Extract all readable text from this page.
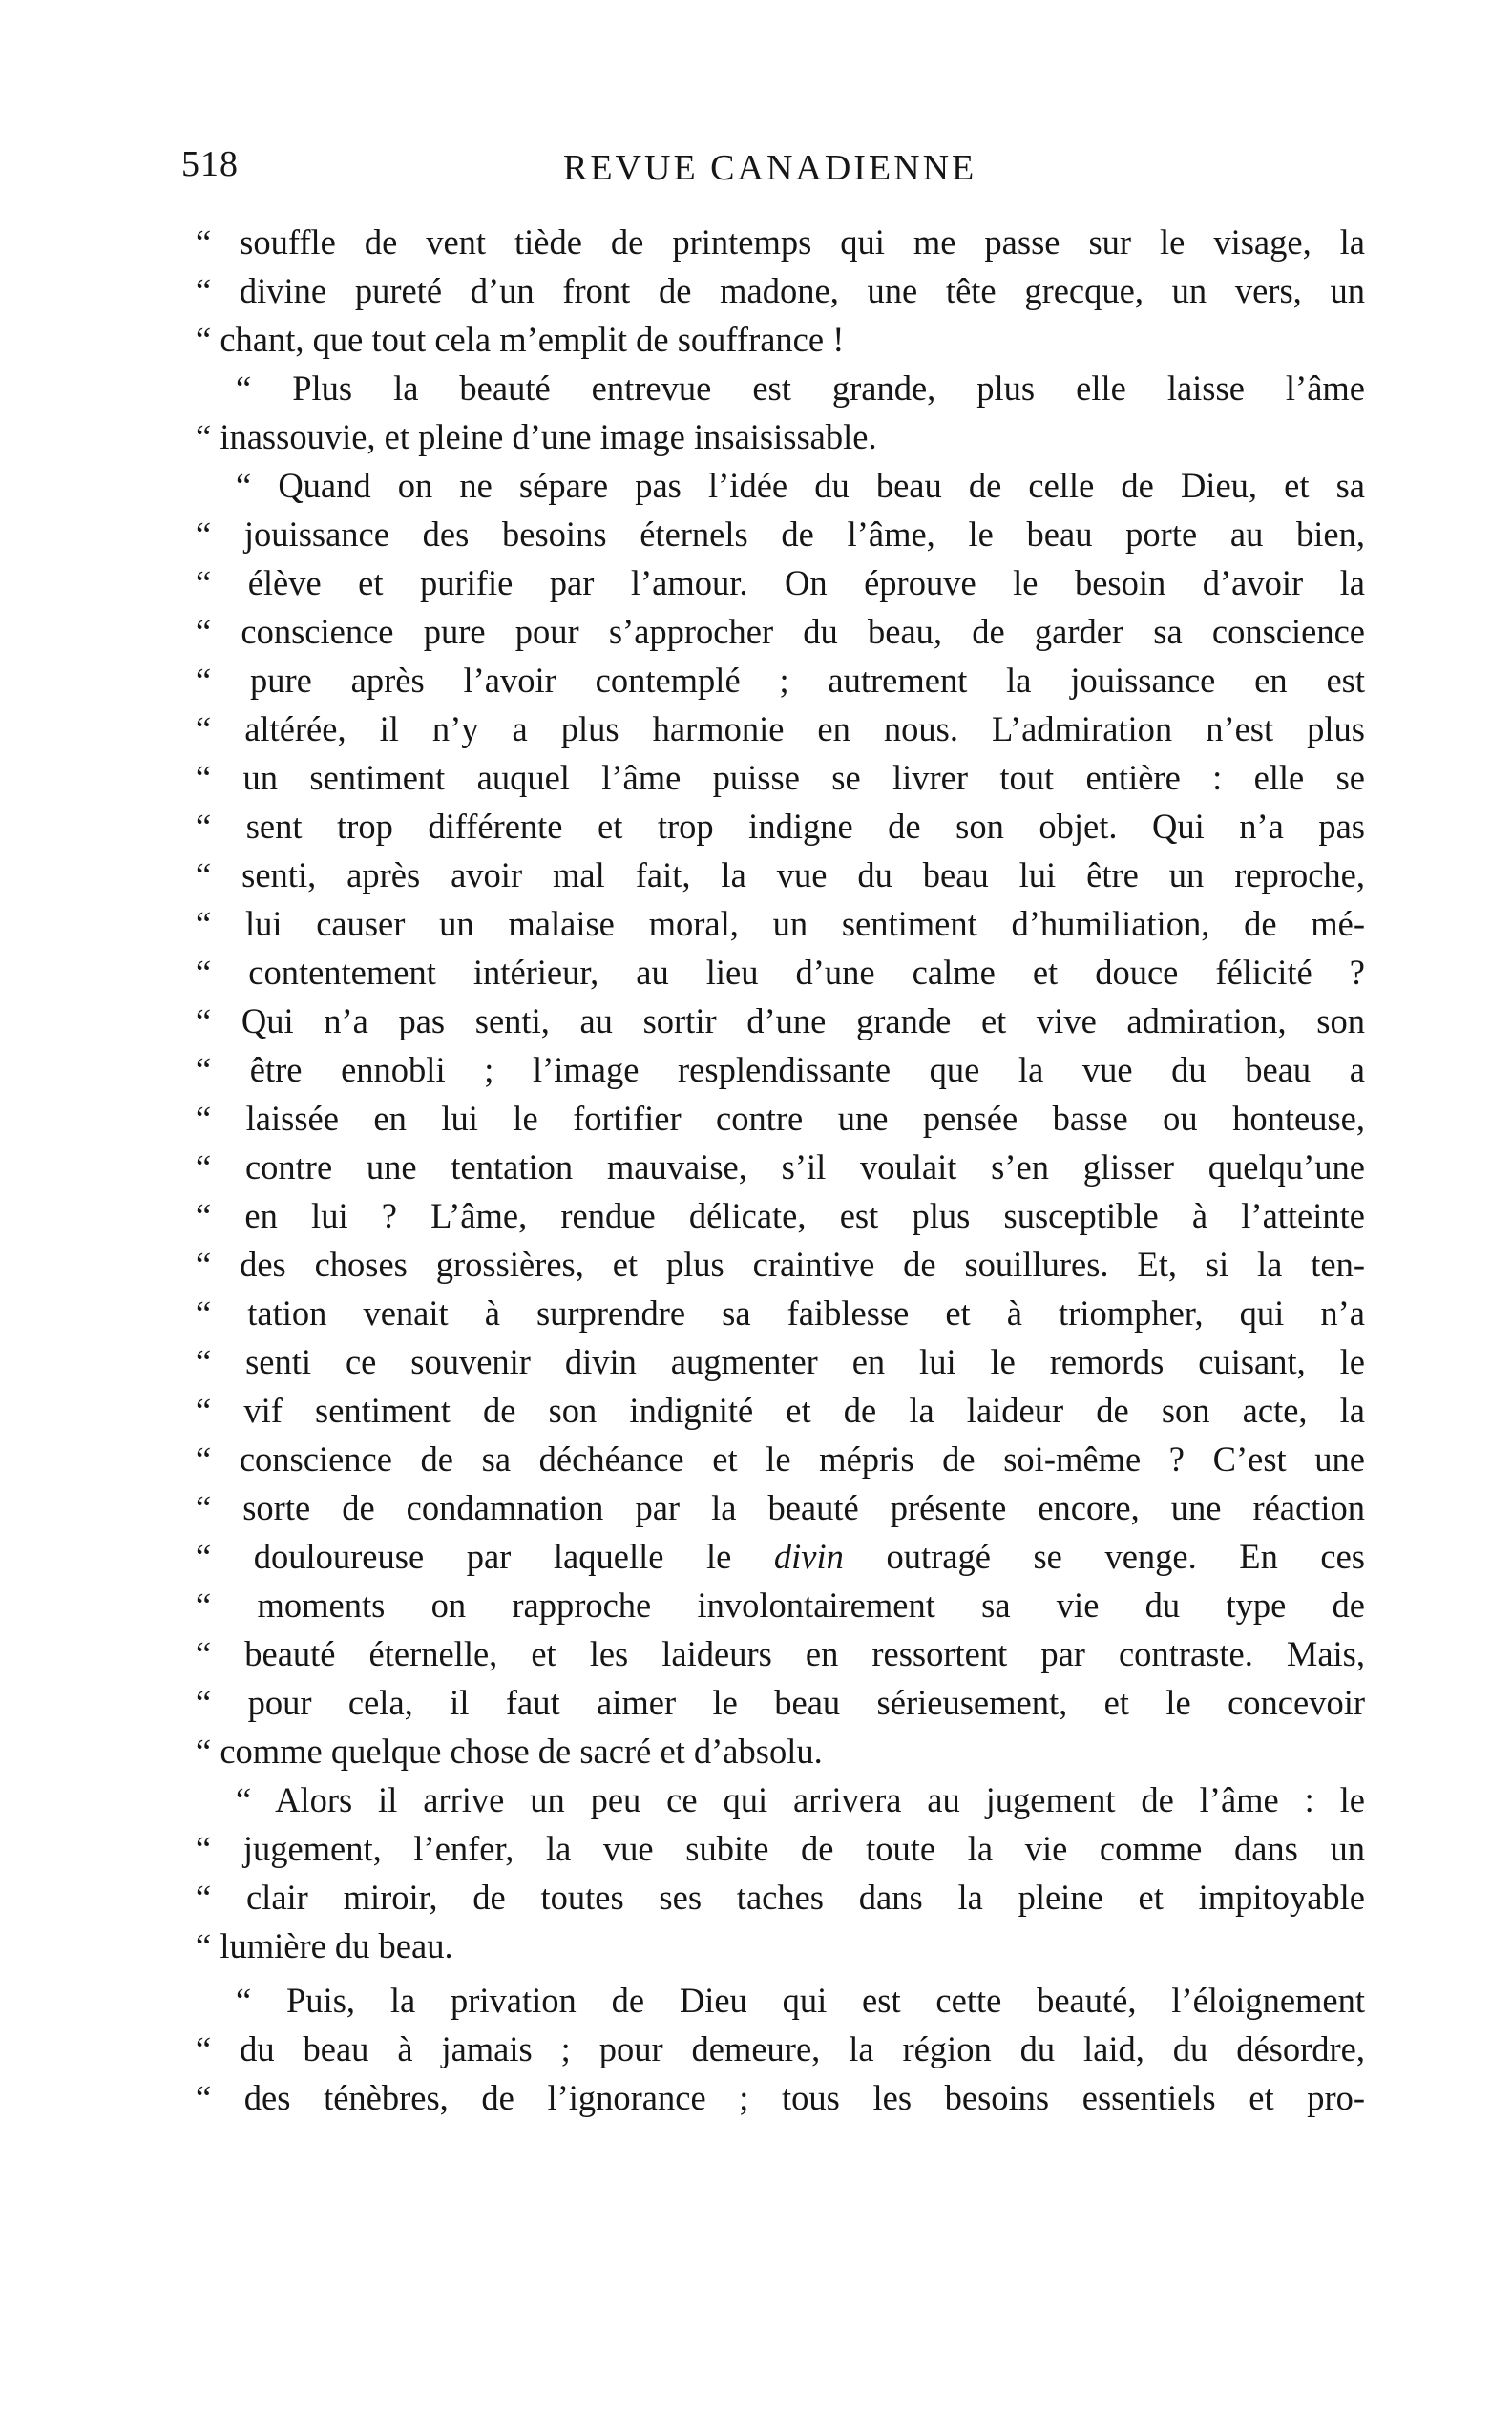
518	REVUE CANADIENNE
“ souffle de vent tiède de printemps qui me passe sur le visage, la
“ divine pureté d’un front de madone, une tête grecque, un vers, un
“ chant, que tout cela m’emplit de souffrance !
“ Plus la beauté entrevue est grande, plus elle laisse l’âme
“ inassouvie, et pleine d’une image insaisissable.
“ Quand on ne sépare pas l’idée du beau de celle de Dieu, et sa
“ jouissance des besoins éternels de l’âme, le beau porte au bien,
“ élève et purifie par l’amour. On éprouve le besoin d’avoir la
“ conscience pure pour s’approcher du beau, de garder sa conscience
“ pure après l’avoir contemplé ; autrement la jouissance en est
“ altérée, il n’y a plus harmonie en nous. L’admiration n’est plus
“ un sentiment auquel l’âme puisse se livrer tout entière : elle se
“ sent trop différente et trop indigne de son objet. Qui n’a pas
“ senti, après avoir mal fait, la vue du beau lui être un reproche,
“ lui causer un malaise moral, un sentiment d’humiliation, de mé-
“ contentement intérieur, au lieu d’une calme et douce félicité ?
“ Qui n’a pas senti, au sortir d’une grande et vive admiration, son
“ être ennobli ; l’image resplendissante que la vue du beau a
“ laissée en lui le fortifier contre une pensée basse ou honteuse,
“ contre une tentation mauvaise, s’il voulait s’en glisser quelqu’une
“ en lui ? L’âme, rendue délicate, est plus susceptible à l’atteinte
“ des choses grossières, et plus craintive de souillures. Et, si la ten-
“ tation venait à surprendre sa faiblesse et à triompher, qui n’a
“ senti ce souvenir divin augmenter en lui le remords cuisant, le
“ vif sentiment de son indignité et de la laideur de son acte, la
“ conscience de sa déchéance et le mépris de soi-même ? C’est une
“ sorte de condamnation par la beauté présente encore, une réaction
“ douloureuse par laquelle le divin outragé se venge. En ces
“ moments on rapproche involontairement sa vie du type de
“ beauté éternelle, et les laideurs en ressortent par contraste. Mais,
“ pour cela, il faut aimer le beau sérieusement, et le concevoir
“ comme quelque chose de sacré et d’absolu.
“ Alors il arrive un peu ce qui arrivera au jugement de l’âme : le
“ jugement, l’enfer, la vue subite de toute la vie comme dans un
“ clair miroir, de toutes ses taches dans la pleine et impitoyable
“ lumière du beau.
“ Puis, la privation de Dieu qui est cette beauté, l’éloignement
“ du beau à jamais ; pour demeure, la région du laid, du désordre,
“ des ténèbres, de l’ignorance ; tous les besoins essentiels et pro-
